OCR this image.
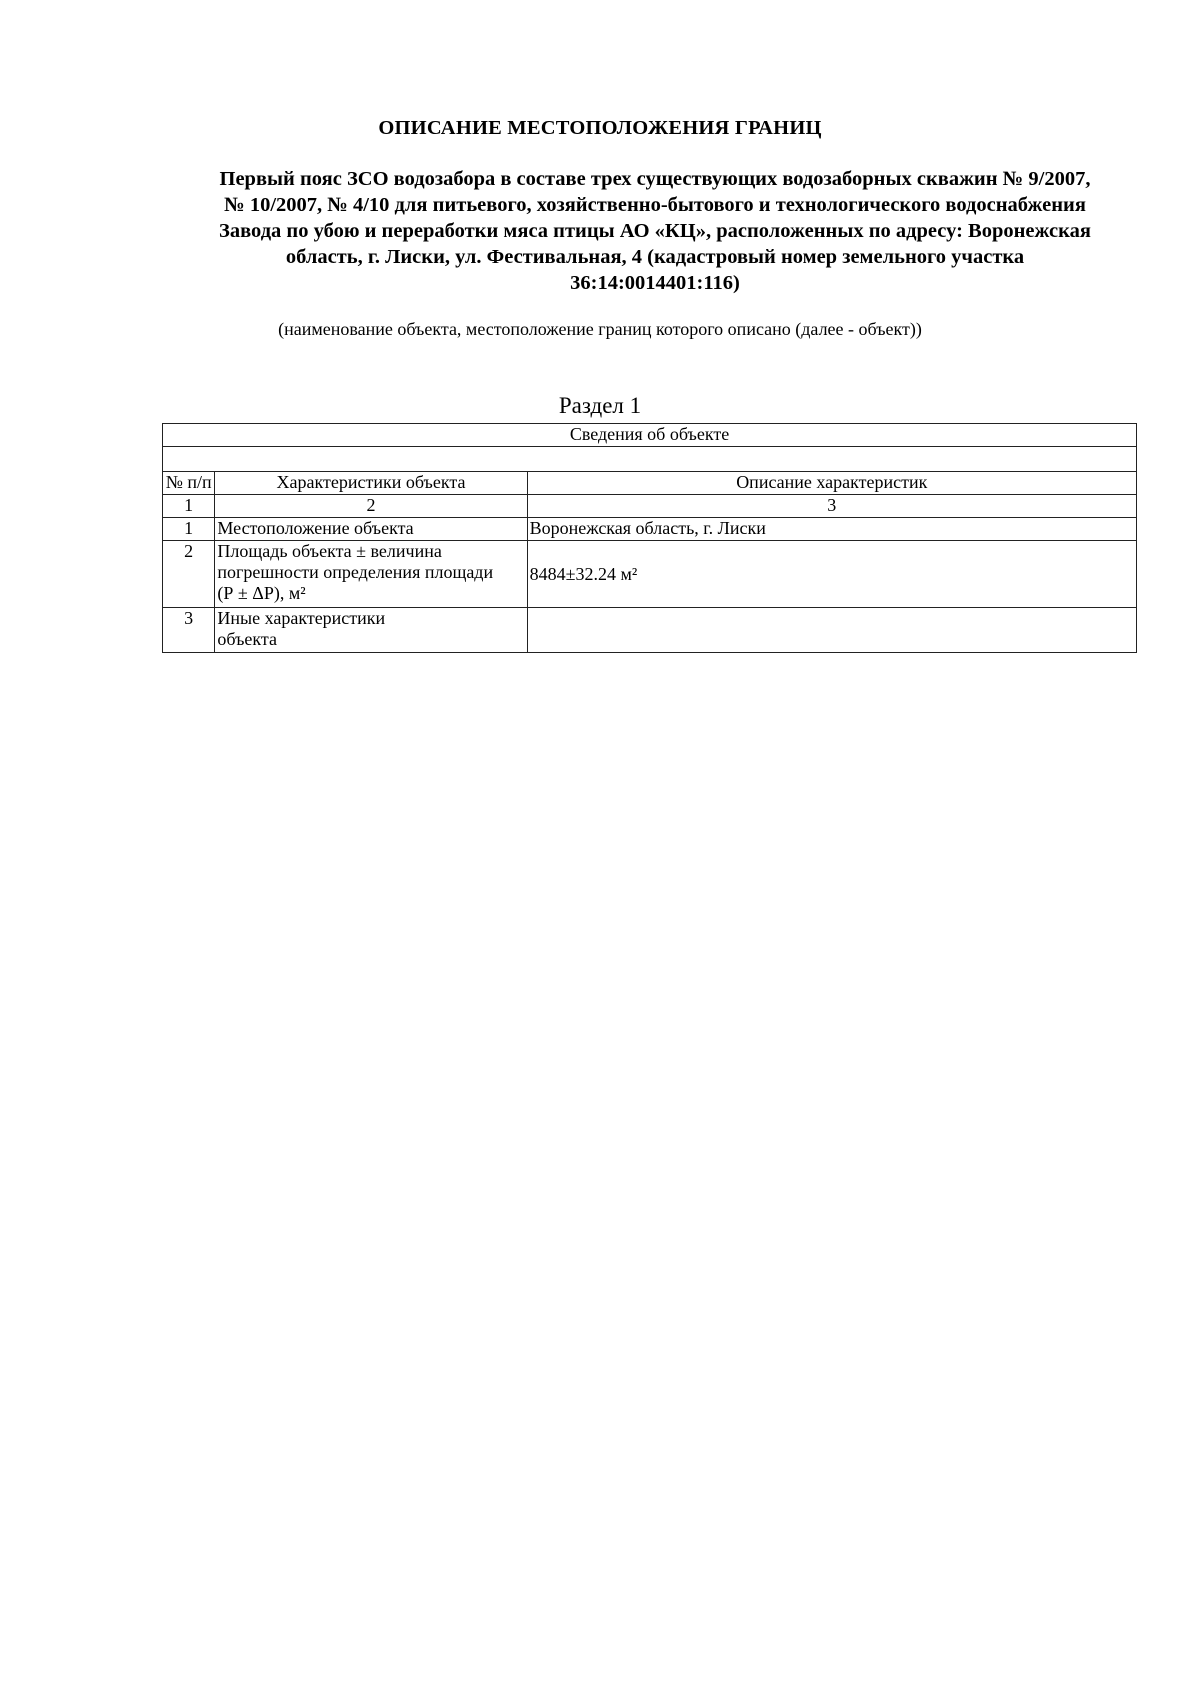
ОПИСАНИЕ МЕСТОПОЛОЖЕНИЯ ГРАНИЦ
Первый пояс ЗСО водозабора в составе трех существующих водозаборных скважин № 9/2007,
№ 10/2007, № 4/10 для питьевого, хозяйственно-бытового и технологического водоснабжения
Завода по убою и переработки мяса птицы АО «КЦ», расположенных по адресу: Воронежская
область, г. Лиски, ул. Фестивальная, 4 (кадастровый номер земельного участка
36:14:0014401:116)
(наименование объекта, местоположение границ которого описано (далее - объект))
Раздел 1
Сведения об объекте		

№ п/п	Характеристики объекта	Описание характеристик
1	2	3
1	Местоположение объекта	Воронежская область, г. Лиски
2	Площадь объекта ± величина
погрешности определения площади
(Р ± ΔР), м²	8484±32.24 м²
3	Иные характеристики
объекта	
